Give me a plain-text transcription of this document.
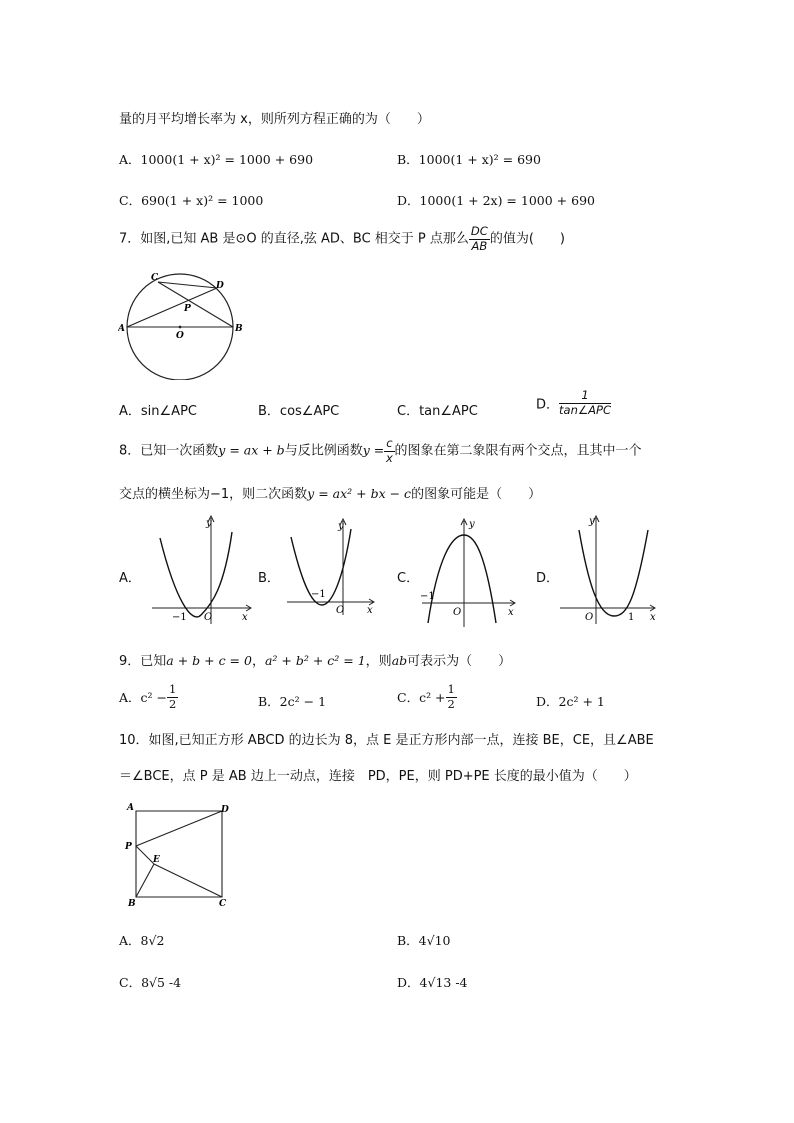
量的月平均增长率为 x，则所列方程正确的为（　　）
A．1000(1 + x)² = 1000 + 690	B．1000(1 + x)² = 690
C．690(1 + x)² = 1000	D．1000(1 + 2x) = 1000 + 690
7．如图,已知 AB 是⊙O 的直径,弦 AD、BC 相交于 P 点那么 $\frac{DC}{AB}$ 的值为(　　)
A	B
C
D
P
O
A．sin∠APC	B．cos∠APC	C．tan∠APC	D． $\frac{1}{\text{tan∠APC}}$
8．已知一次函数y = ax + b与反比例函数$y = \frac{c}{x}$ 的图象在第二象限有两个交点，且其中一个
交点的横坐标为−1，则二次函数y = ax² + bx − c的图象可能是（　　）
A．
y
x
O
−1
B．
y
x
O
−1
C．
y
x
O
−1
D．
y
x
O	1
9．已知a + b + c = 0，a² + b² + c² = 1，则ab可表示为（　　）
A．$c^2 - \frac{1}{2}$	B．2c² − 1	C．$c^2 + \frac{1}{2}$	D．2c² + 1
10．如图,已知正方形 ABCD 的边长为 8，点 E 是正方形内部一点，连接 BE，CE，且∠ABE
＝∠BCE，点 P 是 AB 边上一动点，连接　PD，PE，则 PD+PE 长度的最小值为（　　）
A	D
P
E
B	C
A．8√2	B．4√10
C．8√5 -4	D．4√13 -4
